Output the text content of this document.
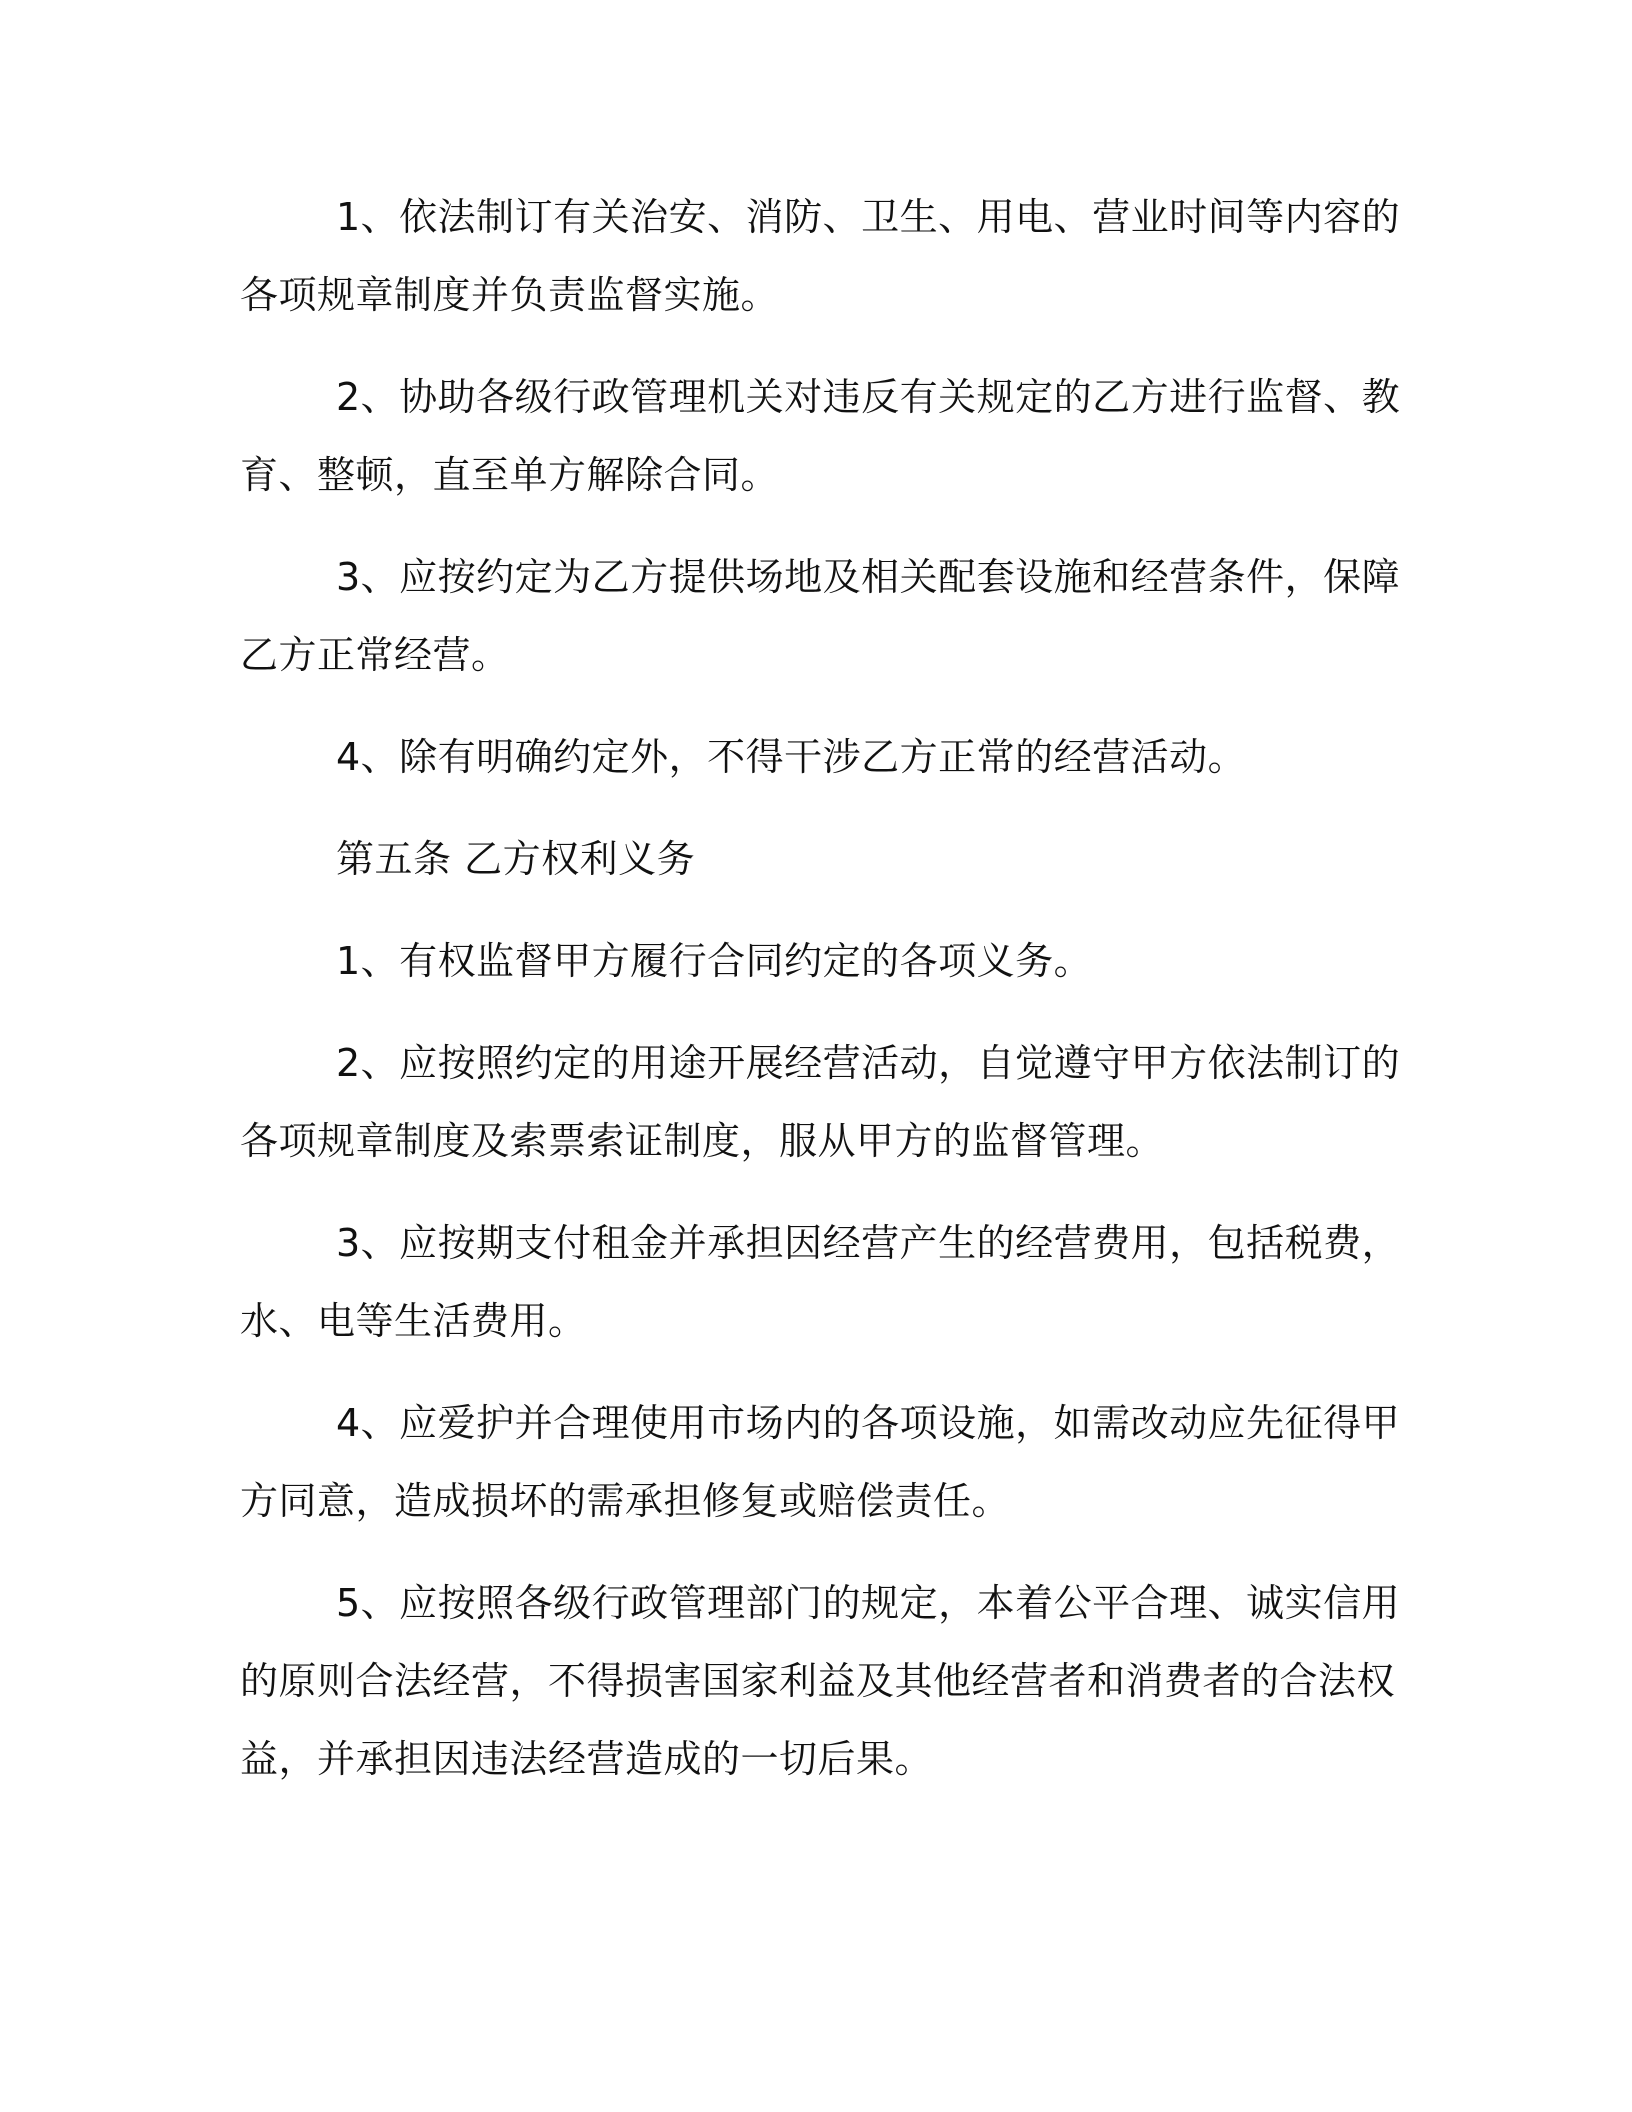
1、依法制订有关治安、消防、卫生、用电、营业时间等内容的
各项规章制度并负责监督实施。
2、协助各级行政管理机关对违反有关规定的乙方进行监督、教
育、整顿，直至单方解除合同。
3、应按约定为乙方提供场地及相关配套设施和经营条件，保障
乙方正常经营。
4、除有明确约定外，不得干涉乙方正常的经营活动。
第五条 乙方权利义务
1、有权监督甲方履行合同约定的各项义务。
2、应按照约定的用途开展经营活动，自觉遵守甲方依法制订的
各项规章制度及索票索证制度，服从甲方的监督管理。
3、应按期支付租金并承担因经营产生的经营费用，包括税费，
水、电等生活费用。
4、应爱护并合理使用市场内的各项设施，如需改动应先征得甲
方同意，造成损坏的需承担修复或赔偿责任。
5、应按照各级行政管理部门的规定，本着公平合理、诚实信用
的原则合法经营，不得损害国家利益及其他经营者和消费者的合法权
益，并承担因违法经营造成的一切后果。
